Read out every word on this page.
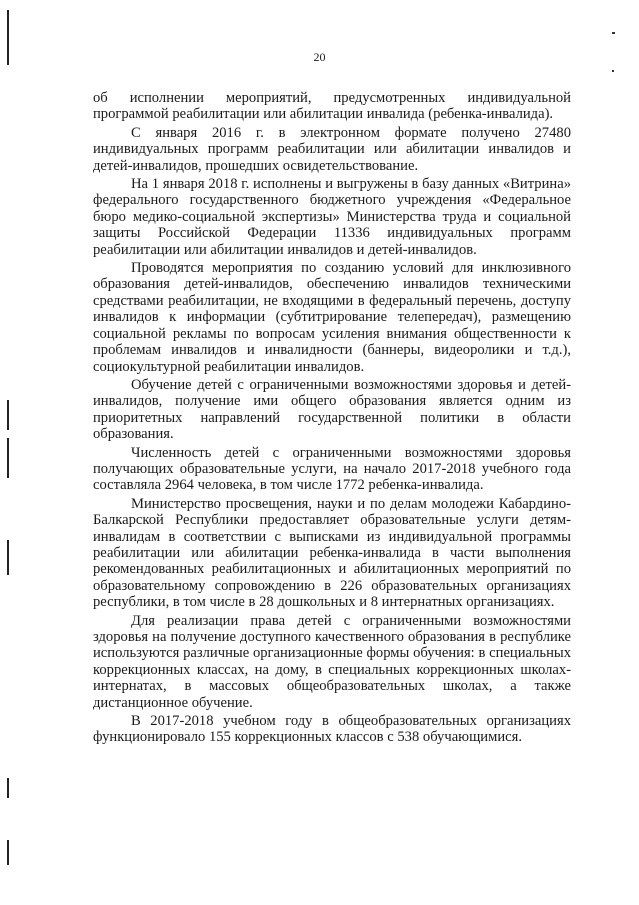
20

об исполнении мероприятий, предусмотренных индивидуальной программой реабилитации или абилитации инвалида (ребенка-инвалида).

С января 2016 г. в электронном формате получено 27480 индивидуальных программ реабилитации или абилитации инвалидов и детей-инвалидов, прошедших освидетельствование.

На 1 января 2018 г. исполнены и выгружены в базу данных «Витрина» федерального государственного бюджетного учреждения «Федеральное бюро медико-социальной экспертизы» Министерства труда и социальной защиты Российской Федерации 11336 индивидуальных программ реабилитации или абилитации инвалидов и детей-инвалидов.

Проводятся мероприятия по созданию условий для инклюзивного образования детей-инвалидов, обеспечению инвалидов техническими средствами реабилитации, не входящими в федеральный перечень, доступу инвалидов к информации (субтитрирование телепередач), размещению социальной рекламы по вопросам усиления внимания общественности к проблемам инвалидов и инвалидности (баннеры, видеоролики и т.д.), социокультурной реабилитации инвалидов.

Обучение детей с ограниченными возможностями здоровья и детей-инвалидов, получение ими общего образования является одним из приоритетных направлений государственной политики в области образования.

Численность детей с ограниченными возможностями здоровья получающих образовательные услуги, на начало 2017-2018 учебного года составляла 2964 человека, в том числе 1772 ребенка-инвалида.

Министерство просвещения, науки и по делам молодежи Кабардино-Балкарской Республики предоставляет образовательные услуги детям-инвалидам в соответствии с выписками из индивидуальной программы реабилитации или абилитации ребенка-инвалида в части выполнения рекомендованных реабилитационных и абилитационных мероприятий по образовательному сопровождению в 226 образовательных организациях республики, в том числе в 28 дошкольных и 8 интернатных организациях.

Для реализации права детей с ограниченными возможностями здоровья на получение доступного качественного образования в республике используются различные организационные формы обучения: в специальных коррекционных классах, на дому, в специальных коррекционных школах-интернатах, в массовых общеобразовательных школах, а также дистанционное обучение.

В 2017-2018 учебном году в общеобразовательных организациях функционировало 155 коррекционных классов с 538 обучающимися.
